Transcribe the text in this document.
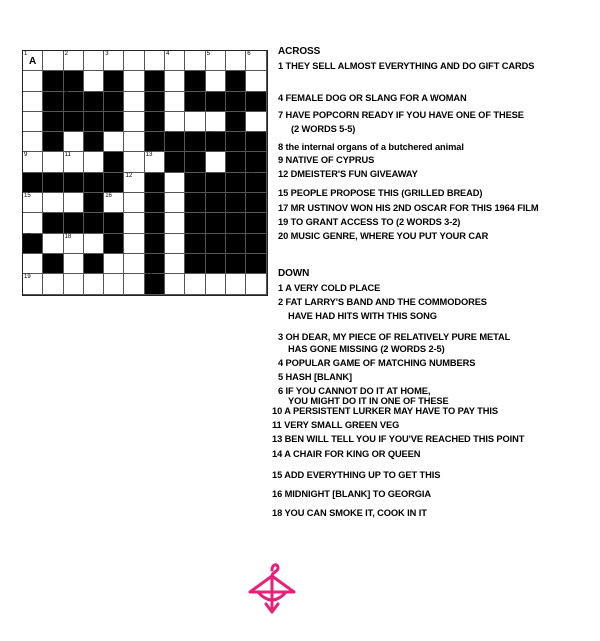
1
A
2	3	4	5	6
7
8	10
9	11	13
12	14
15	16
17	18
19	20
ACROSS
1 THEY SELL ALMOST EVERYTHING AND DO GIFT CARDS
4 FEMALE DOG OR SLANG FOR A WOMAN
7 HAVE POPCORN READY IF YOU HAVE ONE OF THESE
(2 WORDS 5-5)
8 the internal organs of a butchered animal
9 NATIVE OF CYPRUS
12 DMEISTER'S FUN GIVEAWAY
15 PEOPLE PROPOSE THIS (GRILLED BREAD)
17 MR USTINOV WON HIS 2ND OSCAR FOR THIS 1964 FILM
19 TO GRANT ACCESS TO (2 WORDS 3-2)
20 MUSIC GENRE, WHERE YOU PUT YOUR CAR
DOWN
1 A VERY COLD PLACE
2 FAT LARRY'S BAND AND THE COMMODORES
HAVE HAD HITS WITH THIS SONG
3 OH DEAR, MY PIECE OF RELATIVELY PURE METAL
HAS GONE MISSING (2 WORDS 2-5)
4 POPULAR GAME OF MATCHING NUMBERS
5 HASH [BLANK]
6 IF YOU CANNOT DO IT AT HOME,
YOU MIGHT DO IT IN ONE OF THESE
10 A PERSISTENT LURKER MAY HAVE TO PAY THIS
11 VERY SMALL GREEN VEG
13 BEN WILL TELL YOU IF YOU'VE REACHED THIS POINT
14 A CHAIR FOR KING OR QUEEN
15 ADD EVERYTHING UP TO GET THIS
16 MIDNIGHT [BLANK] TO GEORGIA
18 YOU CAN SMOKE IT, COOK IN IT
